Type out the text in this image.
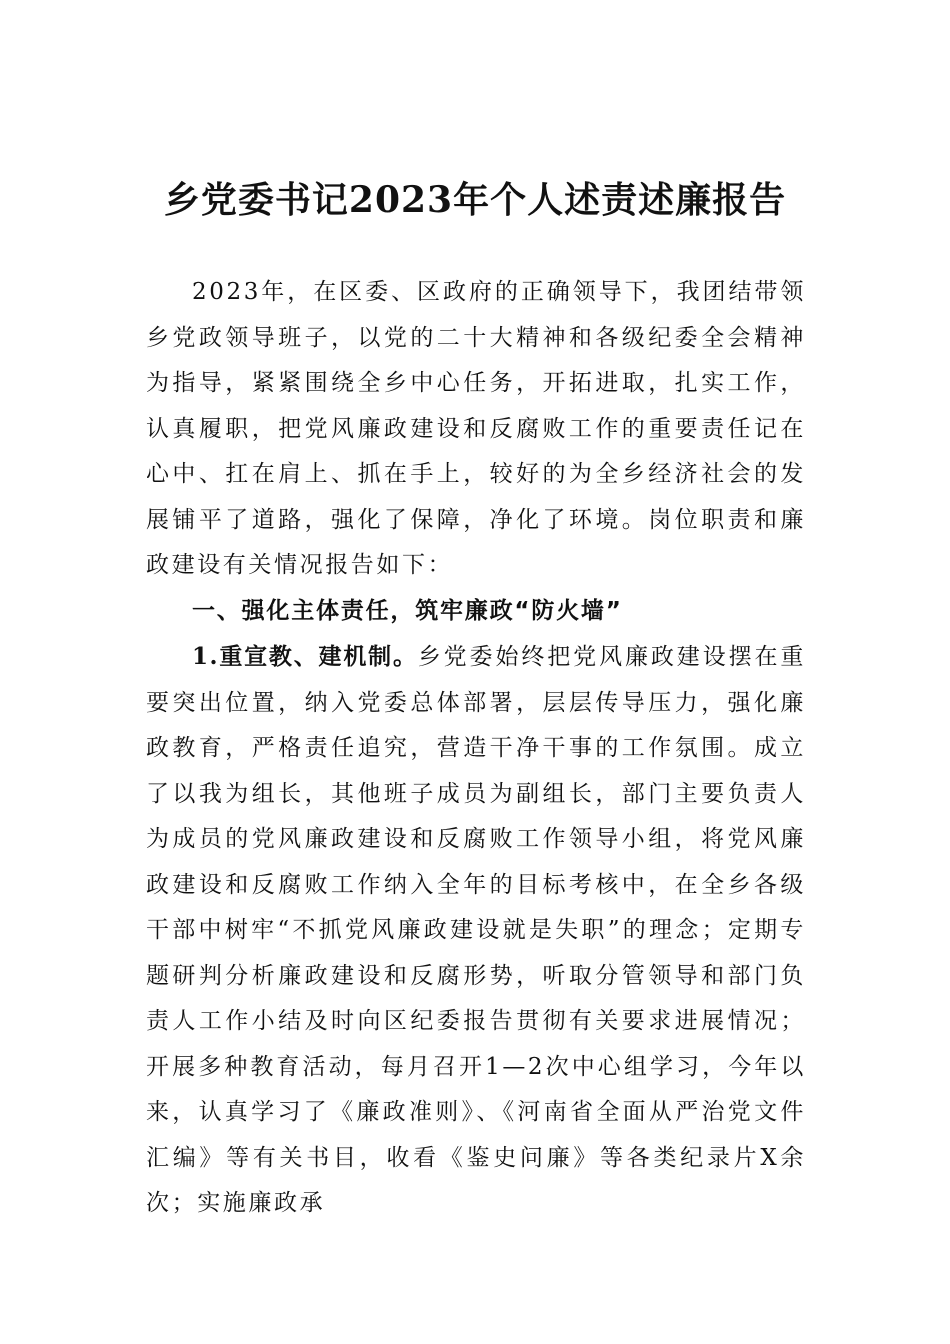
乡党委书记2023年个人述责述廉报告

2023年，在区委、区政府的正确领导下，我团结带领乡党政领导班子，以党的二十大精神和各级纪委全会精神为指导，紧紧围绕全乡中心任务，开拓进取，扎实工作，认真履职，把党风廉政建设和反腐败工作的重要责任记在心中、扛在肩上、抓在手上，较好的为全乡经济社会的发展铺平了道路，强化了保障，净化了环境。岗位职责和廉政建设有关情况报告如下：

一、强化主体责任，筑牢廉政“防火墙”

1.重宣教、建机制。乡党委始终把党风廉政建设摆在重要突出位置，纳入党委总体部署，层层传导压力，强化廉政教育，严格责任追究，营造干净干事的工作氛围。成立了以我为组长，其他班子成员为副组长，部门主要负责人为成员的党风廉政建设和反腐败工作领导小组，将党风廉政建设和反腐败工作纳入全年的目标考核中，在全乡各级干部中树牢“不抓党风廉政建设就是失职”的理念；定期专题研判分析廉政建设和反腐形势，听取分管领导和部门负责人工作小结及时向区纪委报告贯彻有关要求进展情况；开展多种教育活动，每月召开1—2次中心组学习，今年以来，认真学习了《廉政准则》、《河南省全面从严治党文件汇编》等有关书目，收看《鉴史问廉》等各类纪录片X余次；实施廉政承
